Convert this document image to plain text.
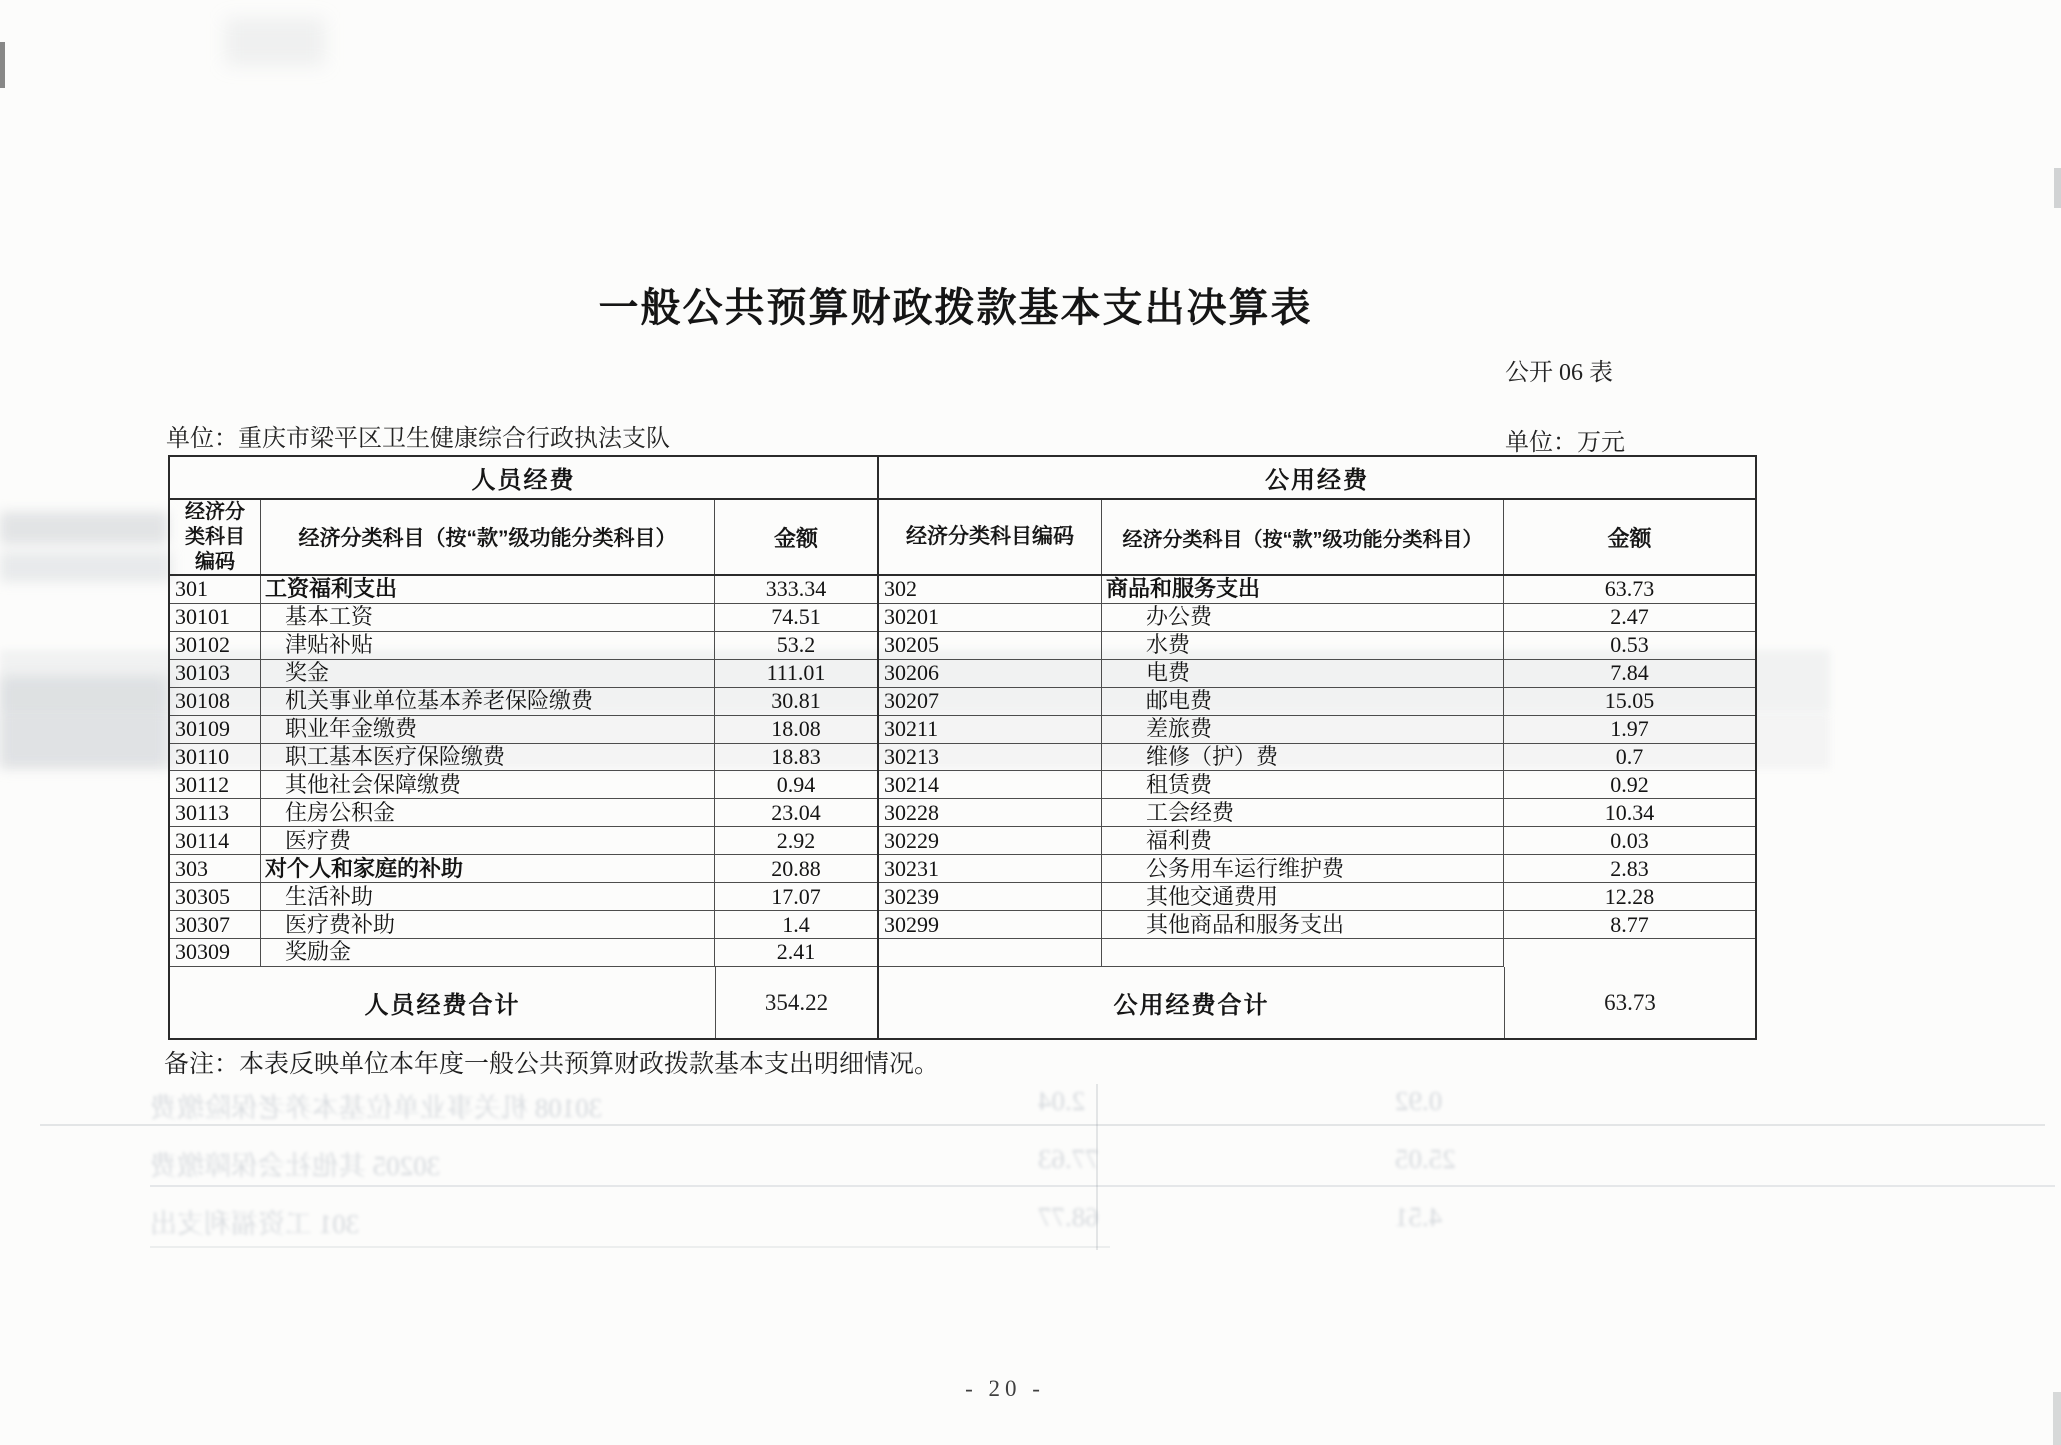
一般公共预算财政拨款基本支出决算表
公开 06 表
单位：重庆市梁平区卫生健康综合行政执法支队	单位：万元
人员经费
经济分类科目编码
经济分类科目（按“款”级功能分类科目）	金额
301	工资福利支出	333.34
30101	基本工资	74.51
30102	津贴补贴	53.2
30103	奖金	111.01
30108	机关事业单位基本养老保险缴费	30.81
30109	职业年金缴费	18.08
30110	职工基本医疗保险缴费	18.83
30112	其他社会保障缴费	0.94
30113	住房公积金	23.04
30114	医疗费	2.92
303	对个人和家庭的补助	20.88
30305	生活补助	17.07
30307	医疗费补助	1.4
30309	奖励金	2.41
人员经费合计	354.22
公用经费
经济分类科目编码	经济分类科目（按“款”级功能分类科目）	金额
302	商品和服务支出	63.73
30201	办公费	2.47
30205	水费	0.53
30206	电费	7.84
30207	邮电费	15.05
30211	差旅费	1.97
30213	维修（护）费	0.7
30214	租赁费	0.92
30228	工会经费	10.34
30229	福利费	0.03
30231	公务用车运行维护费	2.83
30239	其他交通费用	12.28
30299	其他商品和服务支出	8.77
公用经费合计	63.73
备注：本表反映单位本年度一般公共预算财政拨款基本支出明细情况。
30108 机关事业单位基本养老保险缴费	2.04	0.92
30205 其他社会保障缴费	77.63	25.05
301 工资福利支出	68.77	4.51
- 20 -
